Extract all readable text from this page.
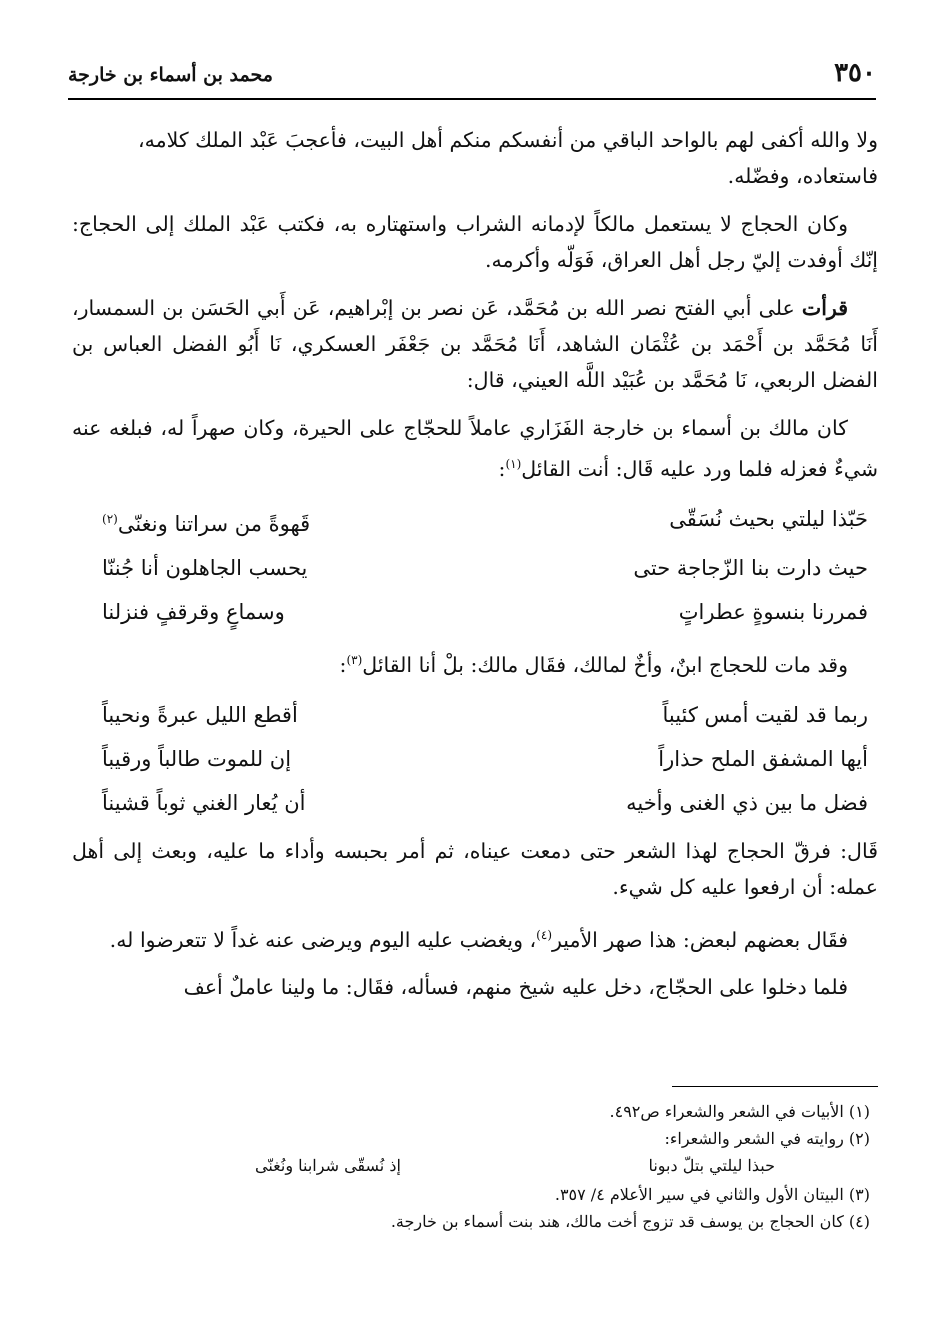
٣٥٠
محمد بن أسماء بن خارجة

ولا والله أكفى لهم بالواحد الباقي من أنفسكم منكم أهل البيت، فأعجبَ عَبْد الملك كلامه،
فاستعاده، وفضّله.

وكان الحجاج لا يستعمل مالكاً لإدمانه الشراب واستهتاره به، فكتب عَبْد الملك إلى الحجاج: إنّك أوفدت إليّ رجل أهل العراق، فَوَلّه وأكرمه.

قرأت على أبي الفتح نصر الله بن مُحَمَّد، عَن نصر بن إبْراهيم، عَن أَبي الحَسَن بن السمسار، أَنَا مُحَمَّد بن أَحْمَد بن عُثْمَان الشاهد، أَنَا مُحَمَّد بن جَعْفَر العسكري، نَا أَبُو الفضل العباس بن الفضل الربعي، نَا مُحَمَّد بن عُبَيْد اللَّه العيني، قال:

كان مالك بن أسماء بن خارجة الفَزَاري عاملاً للحجّاج على الحيرة، وكان صهراً له، فبلغه عنه شيءٌ فعزله فلما ورد عليه قَال: أنت القائل$^{(١)}$:

حَبّذا ليلتي بحيث نُسَقّى
قَهوةً من سراتنا ونغنّى$^{(٢)}$
حيث دارت بنا الزّجاجة حتى
يحسب الجاهلون أنا جُننّا
فمررنا بنسوةٍ عطراتٍ
وسماعٍ وقرقفٍ فنزلنا

وقد مات للحجاج ابنٌ، وأخٌ لمالك، فقَال مالك: بلْ أنا القائل$^{(٣)}$:

ربما قد لقيت أمس كئيباً
أقطع الليل عبرةً ونحيباً
أيها المشفق الملح حذاراً
إن للموت طالباً ورقيباً
فضل ما بين ذي الغنى وأخيه
أن يُعار الغني ثوباً قشيناً

قَال: فرقّ الحجاج لهذا الشعر حتى دمعت عيناه، ثم أمر بحبسه وأداء ما عليه، وبعث إلى أهل عمله: أن ارفعوا عليه كل شيء.

فقَال بعضهم لبعض: هذا صهر الأمير$^{(٤)}$، ويغضب عليه اليوم ويرضى عنه غداً لا تتعرضوا له.

فلما دخلوا على الحجّاج، دخل عليه شيخ منهم، فسأله، فقَال: ما ولينا عاملٌ أعف

(١) الأبيات في الشعر والشعراء ص٤٩٢.

(٢) روايته في الشعر والشعراء:

حبذا ليلتي بتلّ دبونا
إذ نُسقّى شرابنا ونُغنّى

(٣) البيتان الأول والثاني في سير الأعلام ٤/ ٣٥٧.

(٤) كان الحجاج بن يوسف قد تزوج أخت مالك، هند بنت أسماء بن خارجة.
